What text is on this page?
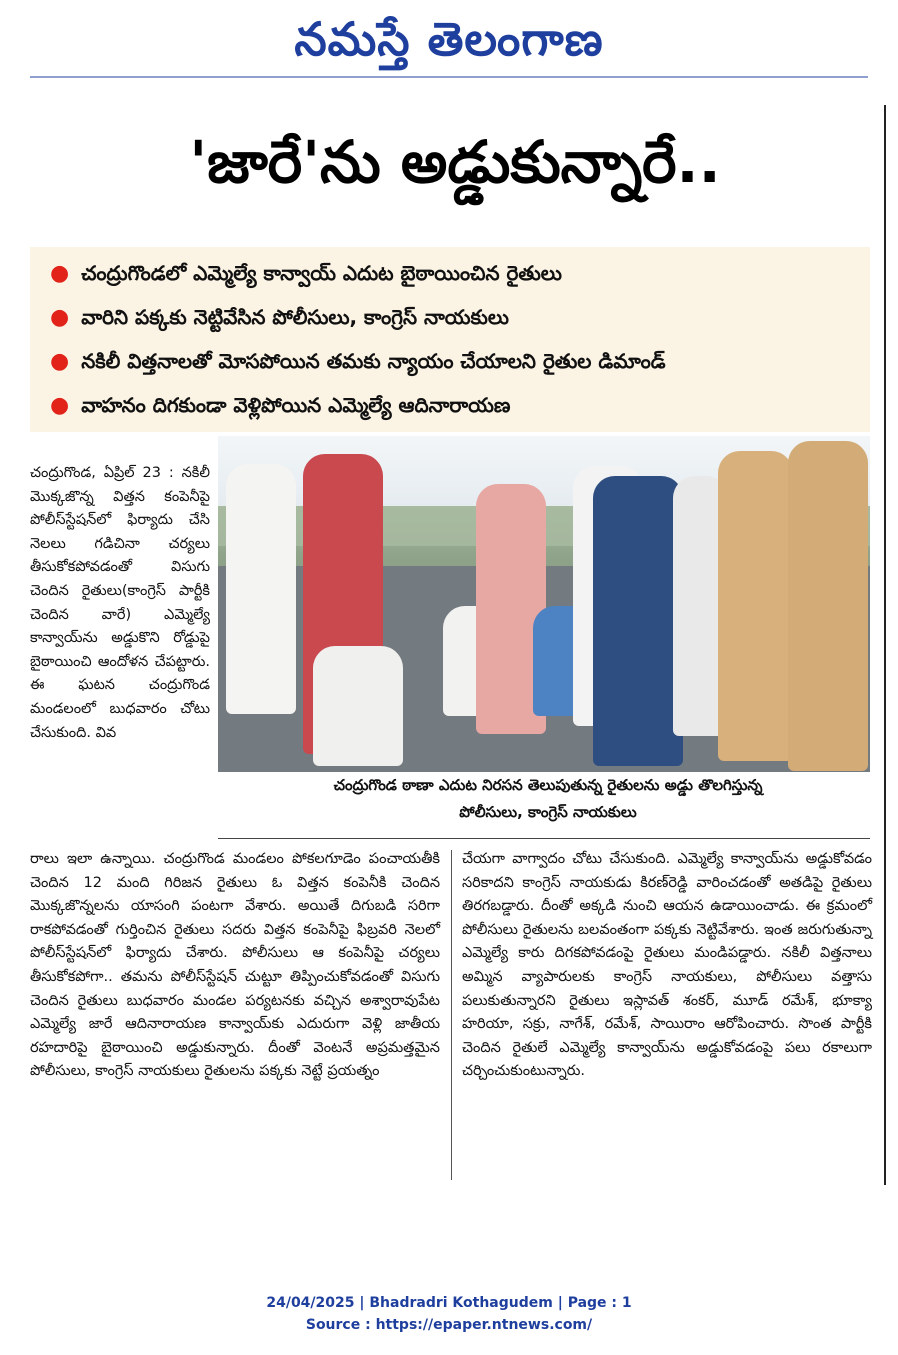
నమస్తే తెలంగాణ
'జారే'ను అడ్డుకున్నారే..
● చంద్రుగొండలో ఎమ్మెల్యే కాన్వాయ్ ఎదుట బైఠాయించిన రైతులు
● వారిని పక్కకు నెట్టివేసిన పోలీసులు, కాంగ్రెస్ నాయకులు
● నకిలీ విత్తనాలతో మోసపోయిన తమకు న్యాయం చేయాలని రైతుల డిమాండ్
● వాహనం దిగకుండా వెళ్లిపోయిన ఎమ్మెల్యే ఆదినారాయణ
చంద్రుగొండ ఠాణా ఎదుట నిరసన తెలుపుతున్న రైతులను అడ్డు తొలగిస్తున్న
పోలీసులు, కాంగ్రెస్ నాయకులు

చంద్రుగొండ, ఏప్రిల్ 23 : నకిలీ మొక్కజొన్న విత్తన కంపెనీపై పోలీస్‌స్టేషన్‌లో ఫిర్యాదు చేసి నెలలు గడిచినా చర్యలు తీసుకోకపోవడంతో విసుగు చెందిన రైతులు(కాంగ్రెస్ పార్టీకి చెందిన వారే) ఎమ్మెల్యే కాన్వాయ్‌ను అడ్డుకొని రోడ్డుపై బైఠాయించి ఆందోళన చేపట్టారు. ఈ ఘటన చంద్రుగొండ మండలంలో బుధవారం చోటు చేసుకుంది. వివ

రాలు ఇలా ఉన్నాయి. చంద్రుగొండ మండలం పోకలగూడెం పంచాయతీకి చెందిన 12 మంది గిరిజన రైతులు ఓ విత్తన కంపెనీకి చెందిన మొక్కజొన్నలను యాసంగి పంటగా వేశారు. అయితే దిగుబడి సరిగా రాకపోవడంతో గుర్తించిన రైతులు సదరు విత్తన కంపెనీపై ఫిబ్రవరి నెలలో పోలీస్‌స్టేషన్‌లో ఫిర్యాదు చేశారు. పోలీసులు ఆ కంపెనీపై చర్యలు తీసుకోకపోగా.. తమను పోలీస్‌స్టేషన్ చుట్టూ తిప్పించుకోవడంతో విసుగు చెందిన రైతులు బుధవారం మండల పర్యటనకు వచ్చిన అశ్వారావుపేట ఎమ్మెల్యే జారే ఆదినారాయణ కాన్వాయ్‌కు ఎదురుగా వెళ్లి జాతీయ రహదారిపై బైఠాయించి అడ్డుకున్నారు. దీంతో వెంటనే అప్రమత్తమైన పోలీసులు, కాంగ్రెస్ నాయకులు రైతులను పక్కకు నెట్టే ప్రయత్నం

చేయగా వాగ్వాదం చోటు చేసుకుంది. ఎమ్మెల్యే కాన్వాయ్‌ను అడ్డుకోవడం సరికాదని కాంగ్రెస్ నాయకుడు కిరణ్‌రెడ్డి వారించడంతో అతడిపై రైతులు తిరగబడ్డారు. దీంతో అక్కడి నుంచి ఆయన ఉడాయించాడు. ఈ క్రమంలో పోలీసులు రైతులను బలవంతంగా పక్కకు నెట్టివేశారు. ఇంత జరుగుతున్నా ఎమ్మెల్యే కారు దిగకపోవడంపై రైతులు మండిపడ్డారు. నకిలీ విత్తనాలు అమ్మిన వ్యాపారులకు కాంగ్రెస్ నాయకులు, పోలీసులు వత్తాసు పలుకుతున్నారని రైతులు ఇస్లావత్ శంకర్, మూడ్ రమేశ్, భూక్యా హరియా, సక్రు, నాగేశ్, రమేశ్, సాయిరాం ఆరోపించారు. సొంత పార్టీకి చెందిన రైతులే ఎమ్మెల్యే కాన్వాయ్‌ను అడ్డుకోవడంపై పలు రకాలుగా చర్చించుకుంటున్నారు.

24/04/2025 | Bhadradri Kothagudem | Page : 1
Source : https://epaper.ntnews.com/
